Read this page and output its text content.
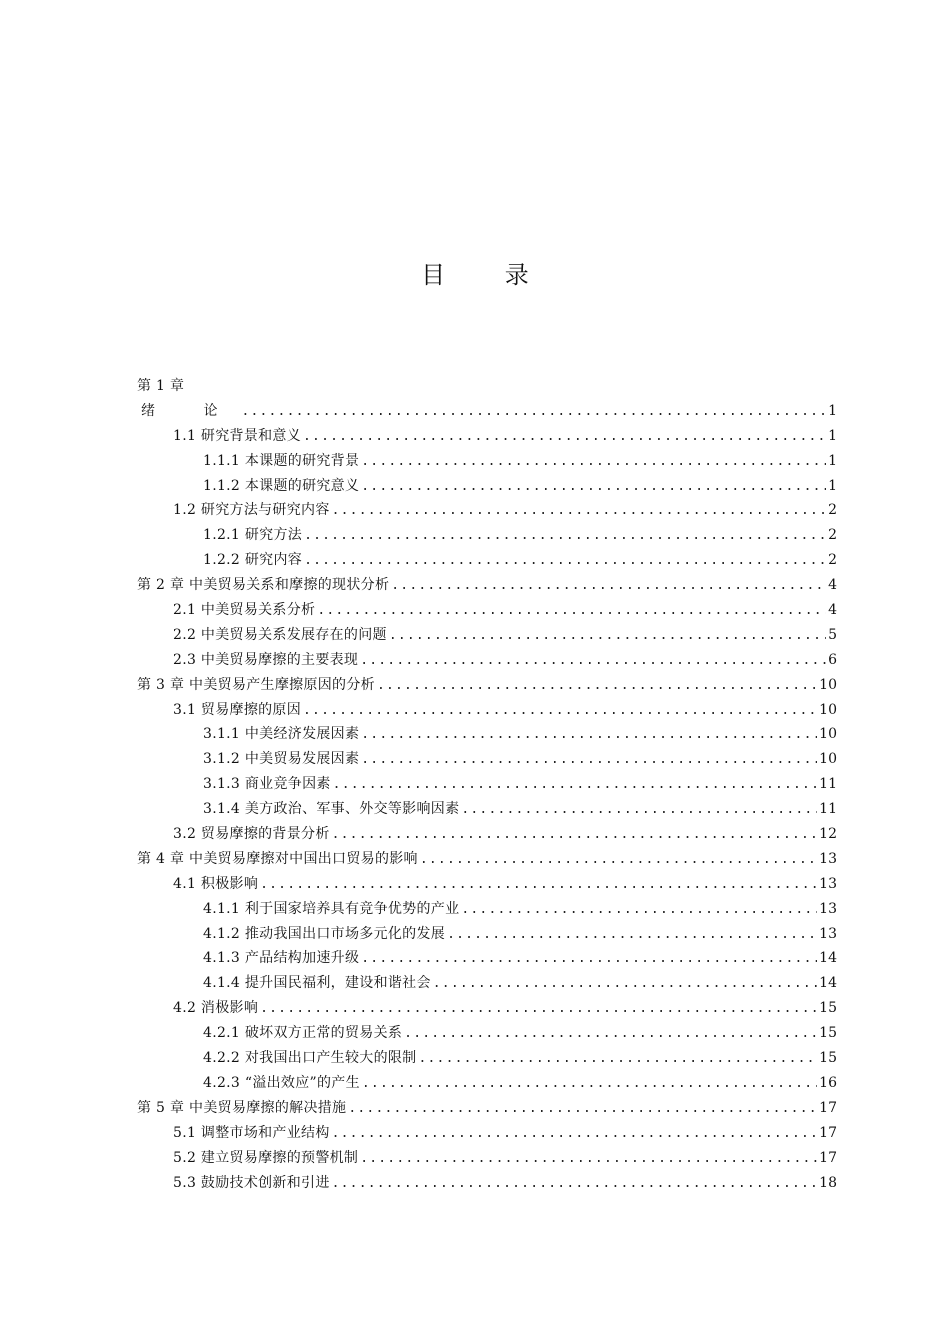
目 录
第 1 章
绪 论 .....	1
1.1 研究背景和意义 .....	1
1.1.1 本课题的研究背景 .....	1
1.1.2 本课题的研究意义 .....	1
1.2 研究方法与研究内容 .....	2
1.2.1 研究方法 .....	2
1.2.2 研究内容 .....	2
第 2 章 中美贸易关系和摩擦的现状分析 .....	4
2.1 中美贸易关系分析 .....	4
2.2 中美贸易关系发展存在的问题 .....	5
2.3 中美贸易摩擦的主要表现 .....	6
第 3 章 中美贸易产生摩擦原因的分析 .....	10
3.1 贸易摩擦的原因 .....	10
3.1.1 中美经济发展因素 .....	10
3.1.2 中美贸易发展因素 .....	10
3.1.3 商业竞争因素 .....	11
3.1.4 美方政治、军事、外交等影响因素 .....	11
3.2 贸易摩擦的背景分析 .....	12
第 4 章 中美贸易摩擦对中国出口贸易的影响 .....	13
4.1 积极影响 .....	13
4.1.1 利于国家培养具有竞争优势的产业 .....	13
4.1.2 推动我国出口市场多元化的发展 .....	13
4.1.3 产品结构加速升级 .....	14
4.1.4 提升国民福利，建设和谐社会 .....	14
4.2 消极影响 .....	15
4.2.1 破坏双方正常的贸易关系 .....	15
4.2.2 对我国出口产生较大的限制 .....	15
4.2.3 “溢出效应”的产生 .....	16
第 5 章 中美贸易摩擦的解决措施 .....	17
5.1 调整市场和产业结构 .....	17
5.2 建立贸易摩擦的预警机制 .....	17
5.3 鼓励技术创新和引进 .....	18
